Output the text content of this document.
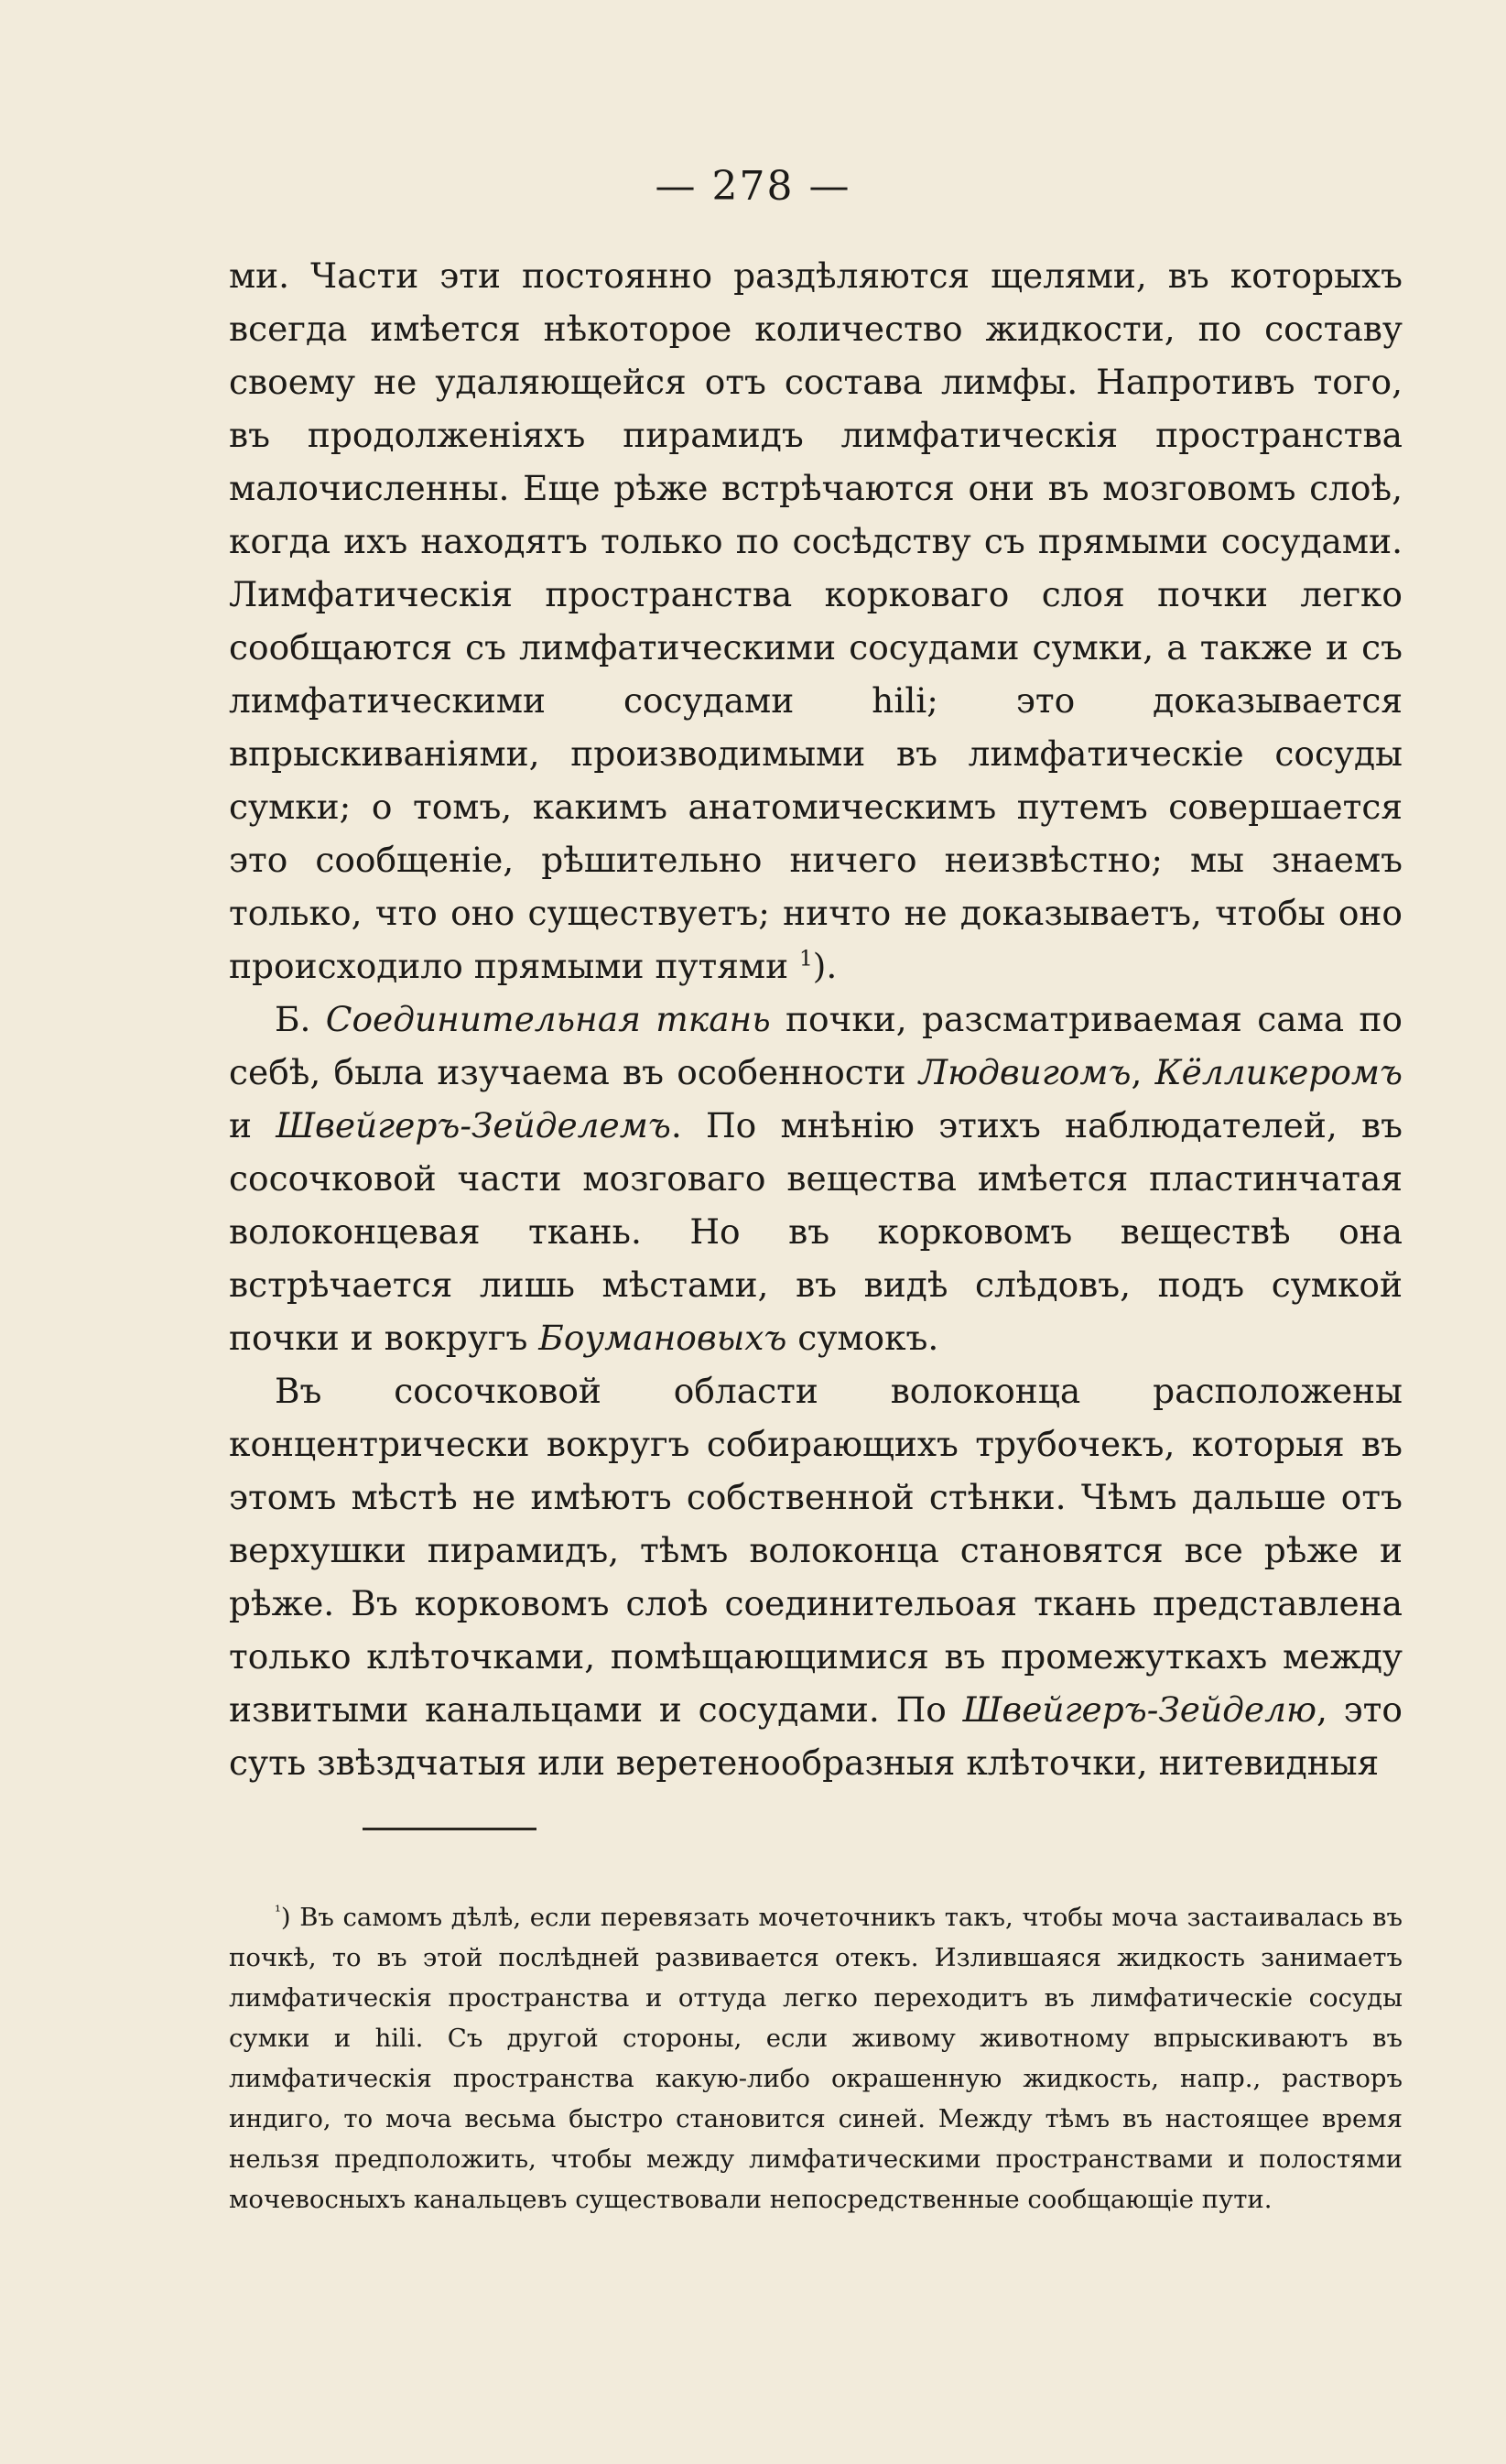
— 278 —

ми. Части эти постоянно раздѣляются щелями, въ которыхъ всегда имѣется нѣкоторое количество жидкости, по составу своему не удаляющейся отъ состава лимфы. Напротивъ того, въ продолженіяхъ пирамидъ лимфатическія пространства малочисленны. Еще рѣже встрѣчаются они въ мозговомъ слоѣ, когда ихъ находятъ только по сосѣдству съ прямыми сосудами. Лимфатическія пространства корковаго слоя почки легко сообщаются съ лимфатическими сосудами сумки, а также и съ лимфатическими сосудами hili; это доказывается впрыскиваніями, производимыми въ лимфатическіе сосуды сумки; о томъ, какимъ анатомическимъ путемъ совершается это сообщеніе, рѣшительно ничего неизвѣстно; мы знаемъ только, что оно существуетъ; ничто не доказываетъ, чтобы оно происходило прямыми путями $^1$).

Б. Соединительная ткань почки, разсматриваемая сама по себѣ, была изучаема въ особенности Людвигомъ, Кёлликеромъ и Швейгеръ-Зейделемъ. По мнѣнію этихъ наблюдателей, въ сосочковой части мозговаго вещества имѣется пластинчатая волоконцевая ткань. Но въ корковомъ веществѣ она встрѣчается лишь мѣстами, въ видѣ слѣдовъ, подъ сумкой почки и вокругъ Боумановыхъ сумокъ.

Въ сосочковой области волоконца расположены концентрически вокругъ собирающихъ трубочекъ, которыя въ этомъ мѣстѣ не имѣютъ собственной стѣнки. Чѣмъ дальше отъ верхушки пирамидъ, тѣмъ волоконца становятся все рѣже и рѣже. Въ корковомъ слоѣ соединительоая ткань представлена только клѣточками, помѣщающимися въ промежуткахъ между извитыми канальцами и сосудами. По Швейгеръ-Зейделю, это суть звѣздчатыя или веретенообразныя клѣточки, нитевидныя

$^{^1}$) Въ самомъ дѣлѣ, если перевязать мочеточникъ такъ, чтобы моча застаивалась въ почкѣ, то въ этой послѣдней развивается отекъ. Излившаяся жидкость занимаетъ лимфатическія пространства и оттуда легко переходитъ въ лимфатическіе сосуды сумки и hili. Съ другой стороны, если живому животному впрыскиваютъ въ лимфатическія пространства какую-либо окрашенную жидкость, напр., растворъ индиго, то моча весьма быстро становится синей. Между тѣмъ въ настоящее время нельзя предположить, чтобы между лимфатическими пространствами и полостями мочевосныхъ канальцевъ существовали непосредственные сообщающіе пути.
